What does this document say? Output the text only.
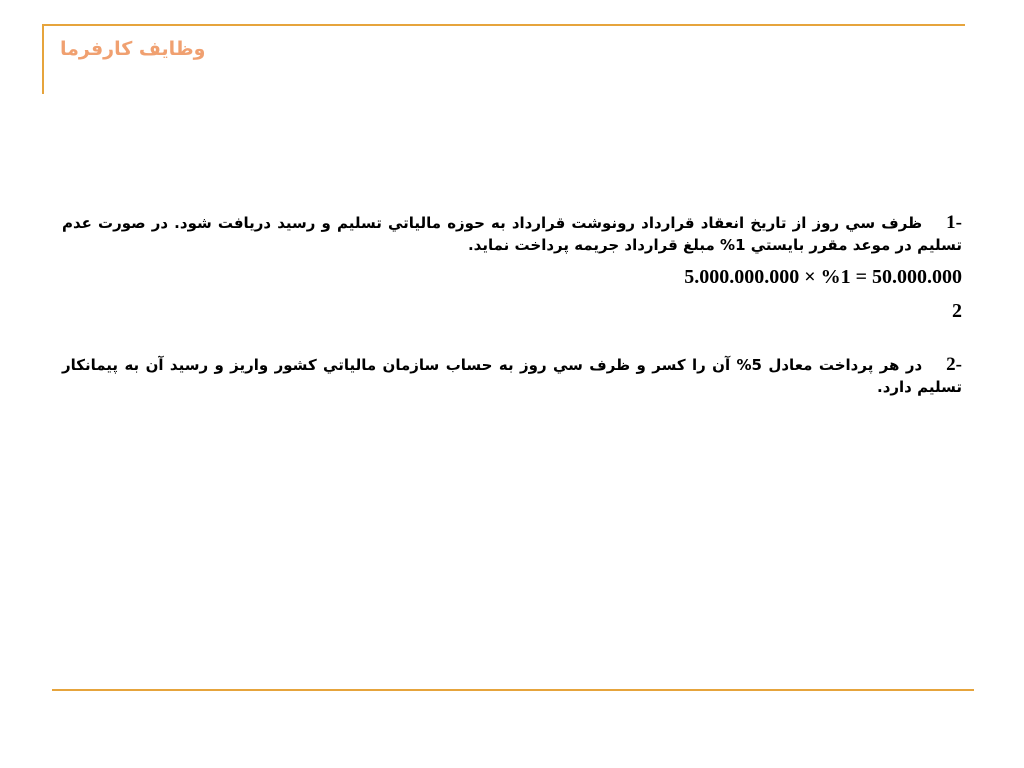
وظايف كارفرما

-1ظرف سي روز از تاريخ انعقاد قرارداد رونوشت قرارداد به حوزه مالياتي تسليم و رسيد دريافت شود. در صورت عدم تسليم در موعد مقرر بايستي 1% مبلغ قرارداد جريمه پرداخت نمايد.

5.000.000.000 × %1 = 50.000.000
2

-2در هر پرداخت معادل 5% آن را كسر و ظرف سي روز به حساب سازمان مالياتي كشور واريز و رسيد آن به پيمانكار تسليم دارد.
